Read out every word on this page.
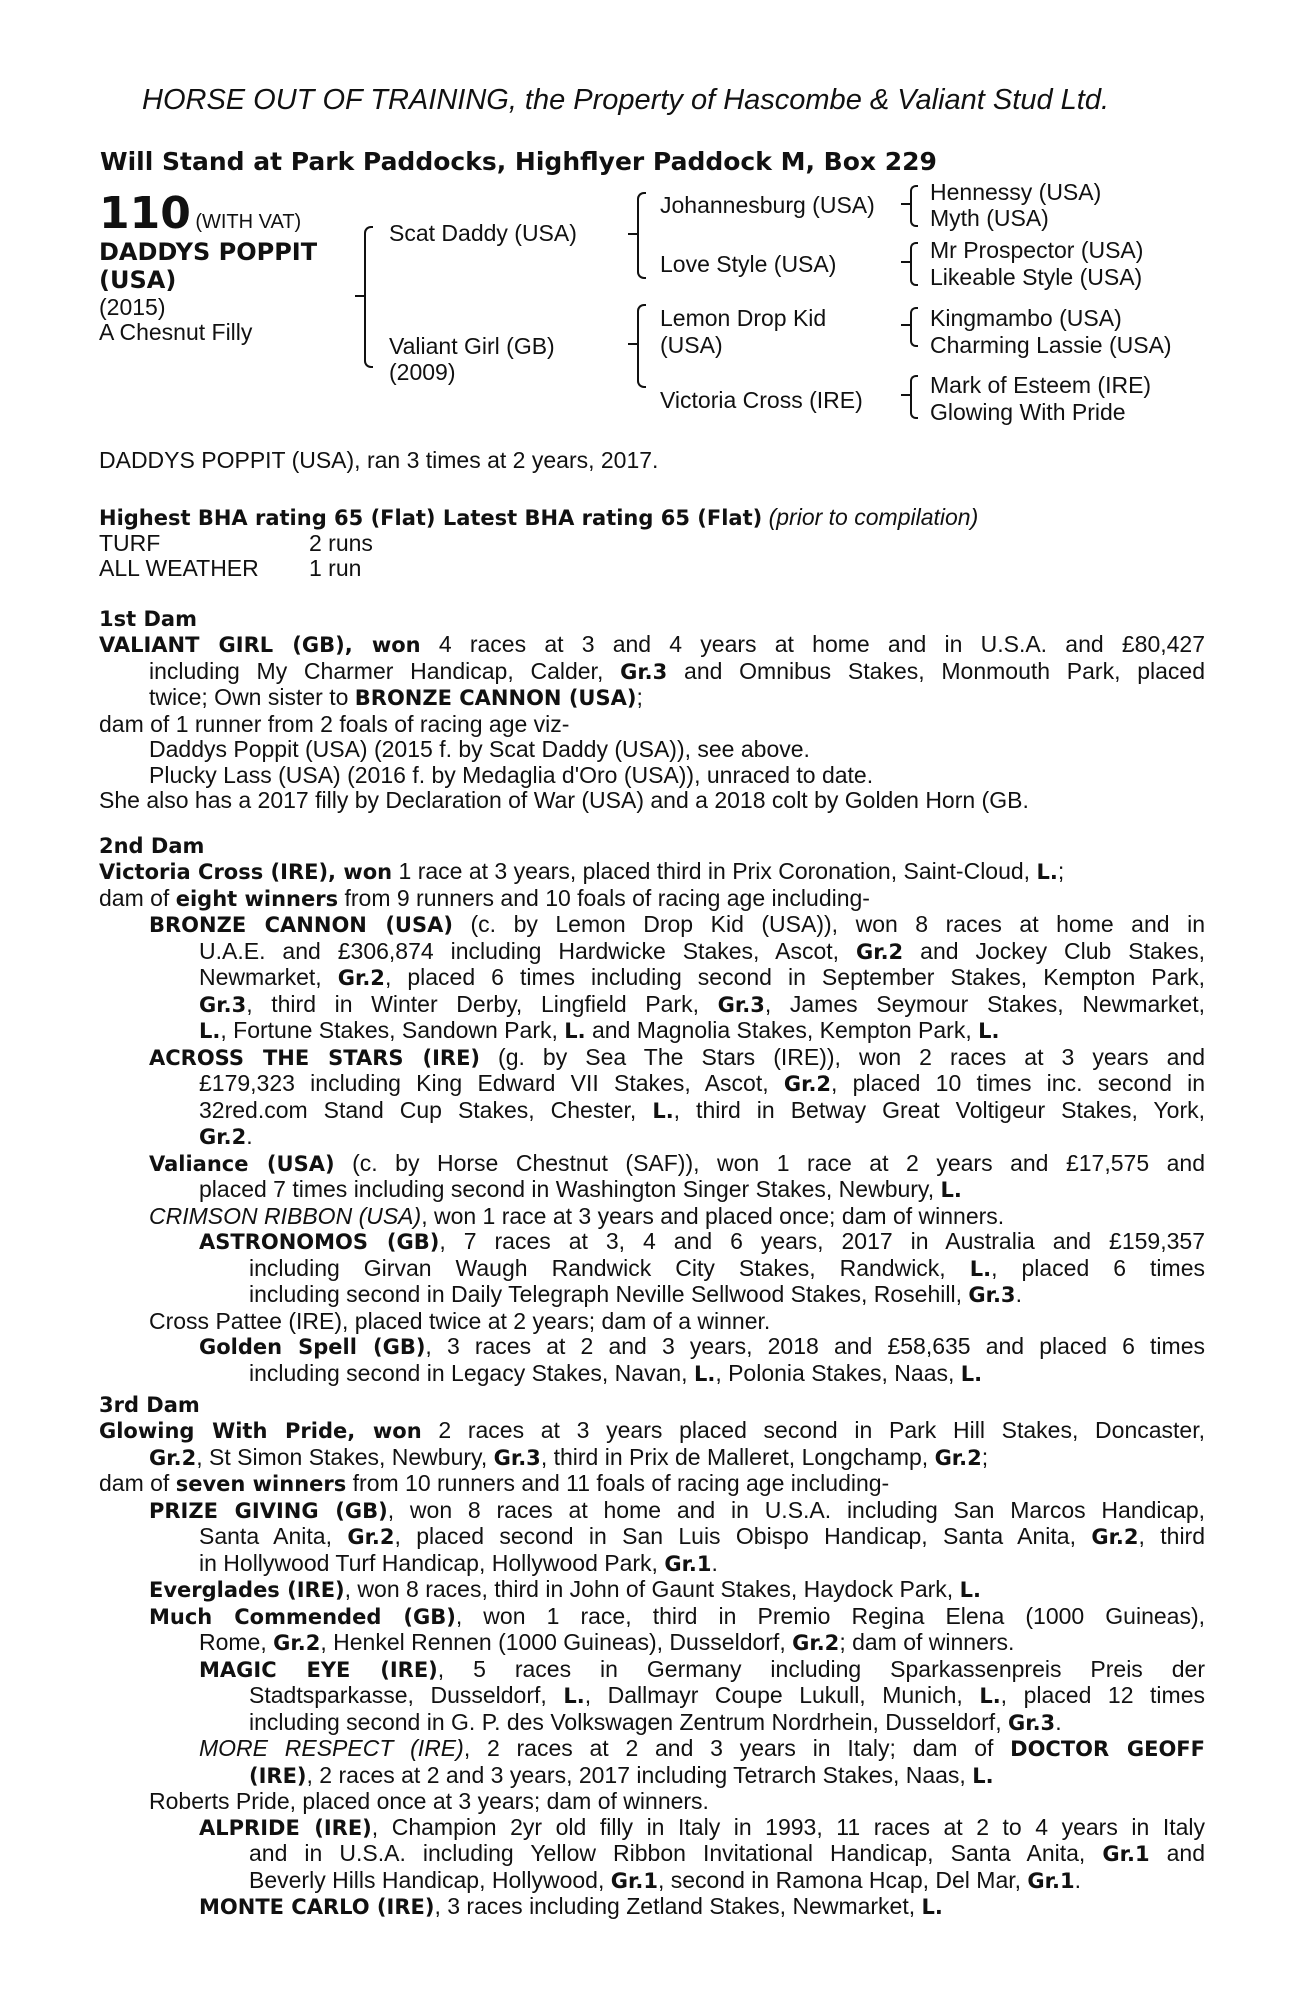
HORSE OUT OF TRAINING, the Property of Hascombe & Valiant Stud Ltd.
Will Stand at Park Paddocks, Highflyer Paddock M, Box 229
110 (WITH VAT)
DADDYS POPPIT
(USA)
(2015)
A Chesnut Filly
Scat Daddy (USA)
Valiant Girl (GB)
(2009)
Johannesburg (USA)
Love Style (USA)
Lemon Drop Kid
(USA)
Victoria Cross (IRE)
Hennessy (USA)
Myth (USA)
Mr Prospector (USA)
Likeable Style (USA)
Kingmambo (USA)
Charming Lassie (USA)
Mark of Esteem (IRE)
Glowing With Pride
DADDYS POPPIT (USA), ran 3 times at 2 years, 2017.
Highest BHA rating 65 (Flat) Latest BHA rating 65 (Flat) (prior to compilation)
TURF	2 runs
ALL WEATHER 1 run
1st Dam
VALIANT GIRL (GB), won 4 races at 3 and 4 years at home and in U.S.A. and £80,427
including My Charmer Handicap, Calder, Gr.3 and Omnibus Stakes, Monmouth Park, placed
twice; Own sister to BRONZE CANNON (USA);
dam of 1 runner from 2 foals of racing age viz-
Daddys Poppit (USA) (2015 f. by Scat Daddy (USA)), see above.
Plucky Lass (USA) (2016 f. by Medaglia d'Oro (USA)), unraced to date.
She also has a 2017 filly by Declaration of War (USA) and a 2018 colt by Golden Horn (GB.
2nd Dam
Victoria Cross (IRE), won 1 race at 3 years, placed third in Prix Coronation, Saint-Cloud, L.;
dam of eight winners from 9 runners and 10 foals of racing age including-
BRONZE CANNON (USA) (c. by Lemon Drop Kid (USA)), won 8 races at home and in
U.A.E. and £306,874 including Hardwicke Stakes, Ascot, Gr.2 and Jockey Club Stakes,
Newmarket, Gr.2, placed 6 times including second in September Stakes, Kempton Park,
Gr.3, third in Winter Derby, Lingfield Park, Gr.3, James Seymour Stakes, Newmarket,
L., Fortune Stakes, Sandown Park, L. and Magnolia Stakes, Kempton Park, L.
ACROSS THE STARS (IRE) (g. by Sea The Stars (IRE)), won 2 races at 3 years and
£179,323 including King Edward VII Stakes, Ascot, Gr.2, placed 10 times inc. second in
32red.com Stand Cup Stakes, Chester, L., third in Betway Great Voltigeur Stakes, York,
Gr.2.
Valiance (USA) (c. by Horse Chestnut (SAF)), won 1 race at 2 years and £17,575 and
placed 7 times including second in Washington Singer Stakes, Newbury, L.
CRIMSON RIBBON (USA), won 1 race at 3 years and placed once; dam of winners.
ASTRONOMOS (GB), 7 races at 3, 4 and 6 years, 2017 in Australia and £159,357
including Girvan Waugh Randwick City Stakes, Randwick, L., placed 6 times
including second in Daily Telegraph Neville Sellwood Stakes, Rosehill, Gr.3.
Cross Pattee (IRE), placed twice at 2 years; dam of a winner.
Golden Spell (GB), 3 races at 2 and 3 years, 2018 and £58,635 and placed 6 times
including second in Legacy Stakes, Navan, L., Polonia Stakes, Naas, L.
3rd Dam
Glowing With Pride, won 2 races at 3 years placed second in Park Hill Stakes, Doncaster,
Gr.2, St Simon Stakes, Newbury, Gr.3, third in Prix de Malleret, Longchamp, Gr.2;
dam of seven winners from 10 runners and 11 foals of racing age including-
PRIZE GIVING (GB), won 8 races at home and in U.S.A. including San Marcos Handicap,
Santa Anita, Gr.2, placed second in San Luis Obispo Handicap, Santa Anita, Gr.2, third
in Hollywood Turf Handicap, Hollywood Park, Gr.1.
Everglades (IRE), won 8 races, third in John of Gaunt Stakes, Haydock Park, L.
Much Commended (GB), won 1 race, third in Premio Regina Elena (1000 Guineas),
Rome, Gr.2, Henkel Rennen (1000 Guineas), Dusseldorf, Gr.2; dam of winners.
MAGIC EYE (IRE), 5 races in Germany including Sparkassenpreis Preis der
Stadtsparkasse, Dusseldorf, L., Dallmayr Coupe Lukull, Munich, L., placed 12 times
including second in G. P. des Volkswagen Zentrum Nordrhein, Dusseldorf, Gr.3.
MORE RESPECT (IRE), 2 races at 2 and 3 years in Italy; dam of DOCTOR GEOFF
(IRE), 2 races at 2 and 3 years, 2017 including Tetrarch Stakes, Naas, L.
Roberts Pride, placed once at 3 years; dam of winners.
ALPRIDE (IRE), Champion 2yr old filly in Italy in 1993, 11 races at 2 to 4 years in Italy
and in U.S.A. including Yellow Ribbon Invitational Handicap, Santa Anita, Gr.1 and
Beverly Hills Handicap, Hollywood, Gr.1, second in Ramona Hcap, Del Mar, Gr.1.
MONTE CARLO (IRE), 3 races including Zetland Stakes, Newmarket, L.
